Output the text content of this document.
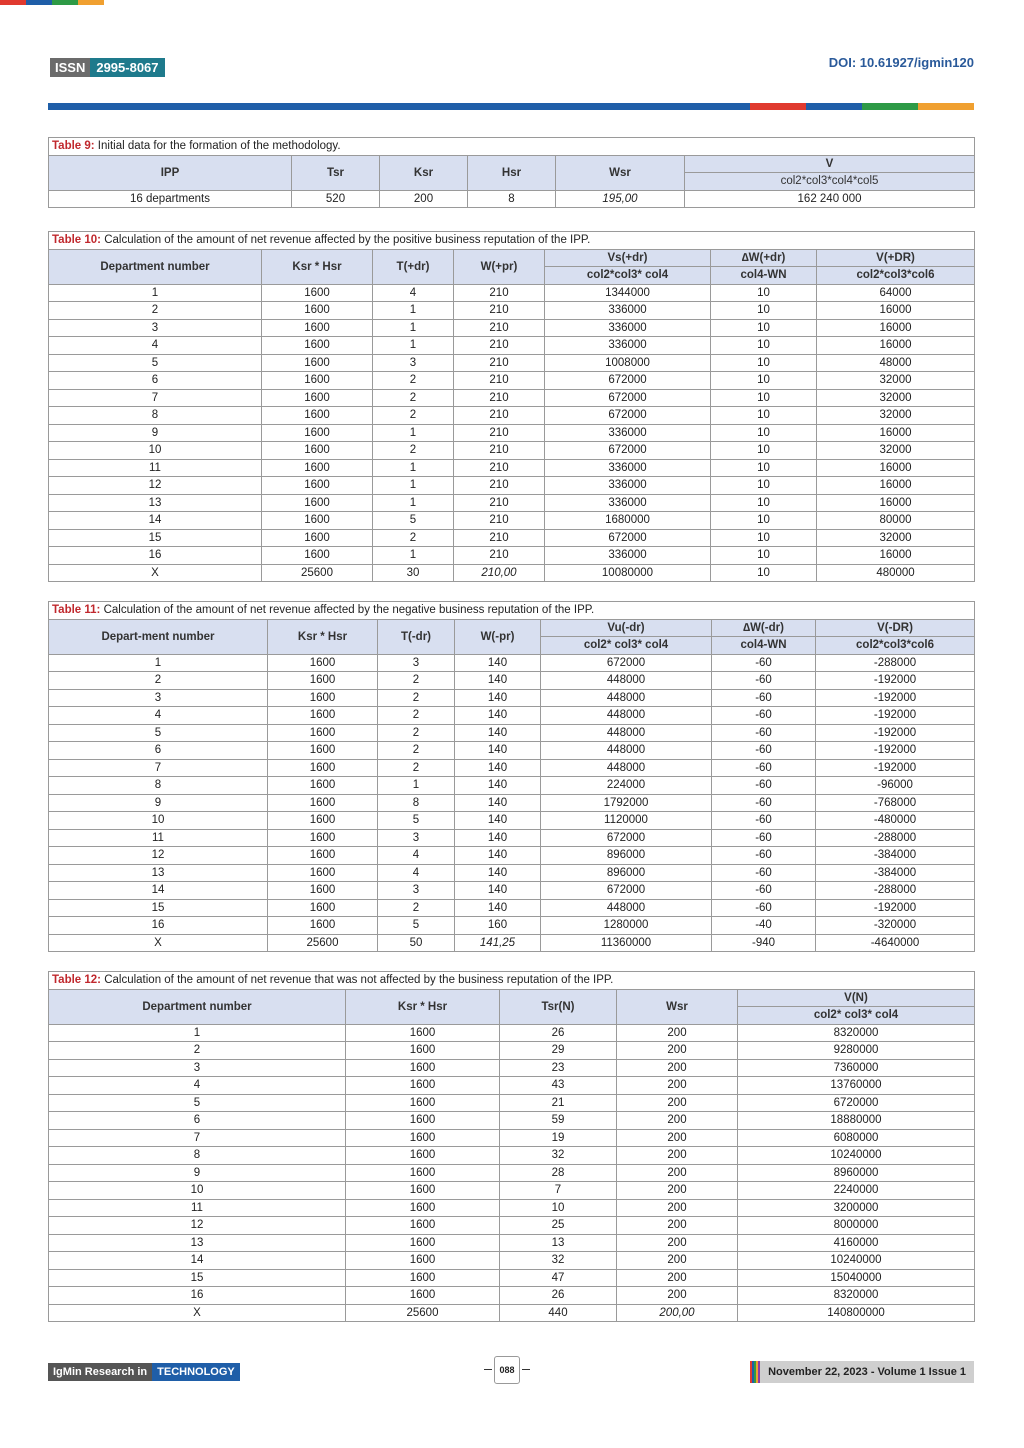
ISSN 2995-8067	DOI: 10.61927/igmin120
Table 9: Initial data for the formation of the methodology.					
IPP	Tsr	Ksr	Hsr	Wsr	V
					col2*col3*col4*col5
16 departments	520	200	8	195,00	162 240 000
Table 10: Calculation of the amount of net revenue affected by the positive business reputation of the IPP.						
Department number	Ksr * Hsr	T(+dr)	W(+pr)	Vs(+dr)	∆W(+dr)	V(+DR)
				col2*col3* col4	col4-WN	col2*col3*col6
1	1600	4	210	1344000	10	64000
2	1600	1	210	336000	10	16000
3	1600	1	210	336000	10	16000
4	1600	1	210	336000	10	16000
5	1600	3	210	1008000	10	48000
6	1600	2	210	672000	10	32000
7	1600	2	210	672000	10	32000
8	1600	2	210	672000	10	32000
9	1600	1	210	336000	10	16000
10	1600	2	210	672000	10	32000
11	1600	1	210	336000	10	16000
12	1600	1	210	336000	10	16000
13	1600	1	210	336000	10	16000
14	1600	5	210	1680000	10	80000
15	1600	2	210	672000	10	32000
16	1600	1	210	336000	10	16000
X	25600	30	210,00	10080000	10	480000
Table 11: Calculation of the amount of net revenue affected by the negative business reputation of the IPP.						
Depart-ment number	Ksr * Hsr	T(-dr)	W(-pr)	Vu(-dr)	∆W(-dr)	V(-DR)
				col2* col3* col4	col4-WN	col2*col3*col6
1	1600	3	140	672000	-60	-288000
2	1600	2	140	448000	-60	-192000
3	1600	2	140	448000	-60	-192000
4	1600	2	140	448000	-60	-192000
5	1600	2	140	448000	-60	-192000
6	1600	2	140	448000	-60	-192000
7	1600	2	140	448000	-60	-192000
8	1600	1	140	224000	-60	-96000
9	1600	8	140	1792000	-60	-768000
10	1600	5	140	1120000	-60	-480000
11	1600	3	140	672000	-60	-288000
12	1600	4	140	896000	-60	-384000
13	1600	4	140	896000	-60	-384000
14	1600	3	140	672000	-60	-288000
15	1600	2	140	448000	-60	-192000
16	1600	5	160	1280000	-40	-320000
X	25600	50	141,25	11360000	-940	-4640000
Table 12: Calculation of the amount of net revenue that was not affected by the business reputation of the IPP.				
Department number	Ksr * Hsr	Tsr(N)	Wsr	V(N)
				col2* col3* col4
1	1600	26	200	8320000
2	1600	29	200	9280000
3	1600	23	200	7360000
4	1600	43	200	13760000
5	1600	21	200	6720000
6	1600	59	200	18880000
7	1600	19	200	6080000
8	1600	32	200	10240000
9	1600	28	200	8960000
10	1600	7	200	2240000
11	1600	10	200	3200000
12	1600	25	200	8000000
13	1600	13	200	4160000
14	1600	32	200	10240000
15	1600	47	200	15040000
16	1600	26	200	8320000
X	25600	440	200,00	140800000
IgMin Research in TECHNOLOGY	088	November 22, 2023 - Volume 1 Issue 1
